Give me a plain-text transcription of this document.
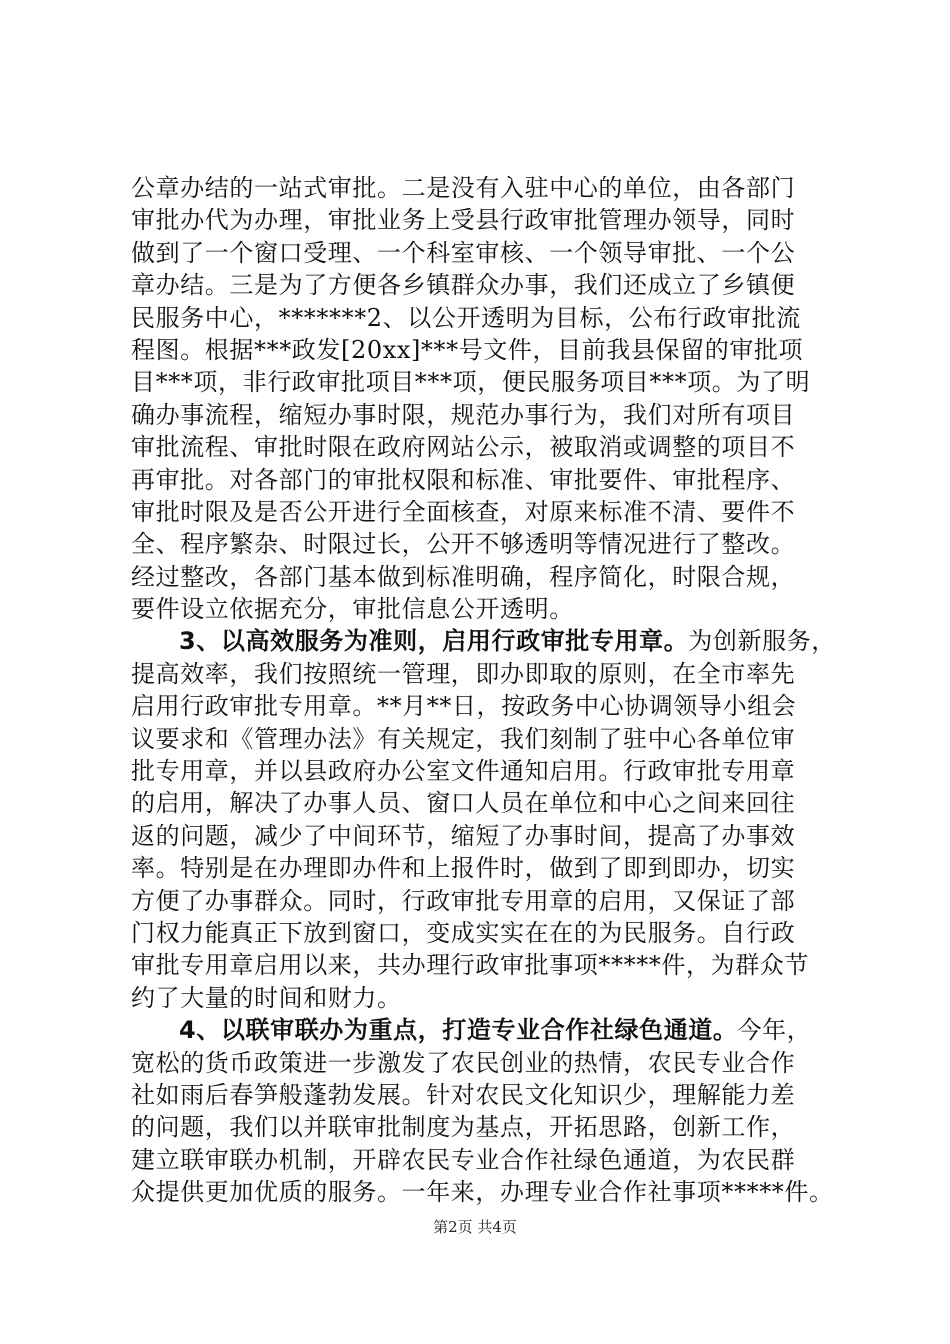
公章办结的一站式审批。二是没有入驻中心的单位，由各部门
审批办代为办理，审批业务上受县行政审批管理办领导，同时
做到了一个窗口受理、一个科室审核、一个领导审批、一个公
章办结。三是为了方便各乡镇群众办事，我们还成立了乡镇便
民服务中心，*******2、以公开透明为目标，公布行政审批流
程图。根据***政发[20xx]***号文件，目前我县保留的审批项
目***项，非行政审批项目***项，便民服务项目***项。为了明
确办事流程，缩短办事时限，规范办事行为，我们对所有项目
审批流程、审批时限在政府网站公示，被取消或调整的项目不
再审批。对各部门的审批权限和标准、审批要件、审批程序、
审批时限及是否公开进行全面核查，对原来标准不清、要件不
全、程序繁杂、时限过长，公开不够透明等情况进行了整改。
经过整改，各部门基本做到标准明确，程序简化，时限合规，
要件设立依据充分，审批信息公开透明。
3、以高效服务为准则，启用行政审批专用章。为创新服务，
提高效率，我们按照统一管理，即办即取的原则，在全市率先
启用行政审批专用章。**月**日，按政务中心协调领导小组会
议要求和《管理办法》有关规定，我们刻制了驻中心各单位审
批专用章，并以县政府办公室文件通知启用。行政审批专用章
的启用，解决了办事人员、窗口人员在单位和中心之间来回往
返的问题，减少了中间环节，缩短了办事时间，提高了办事效
率。特别是在办理即办件和上报件时，做到了即到即办，切实
方便了办事群众。同时，行政审批专用章的启用，又保证了部
门权力能真正下放到窗口，变成实实在在的为民服务。自行政
审批专用章启用以来，共办理行政审批事项*****件，为群众节
约了大量的时间和财力。
4、以联审联办为重点，打造专业合作社绿色通道。今年，
宽松的货币政策进一步激发了农民创业的热情，农民专业合作
社如雨后春笋般蓬勃发展。针对农民文化知识少，理解能力差
的问题，我们以并联审批制度为基点，开拓思路，创新工作，
建立联审联办机制，开辟农民专业合作社绿色通道，为农民群
众提供更加优质的服务。一年来，办理专业合作社事项*****件。
第2页 共4页
